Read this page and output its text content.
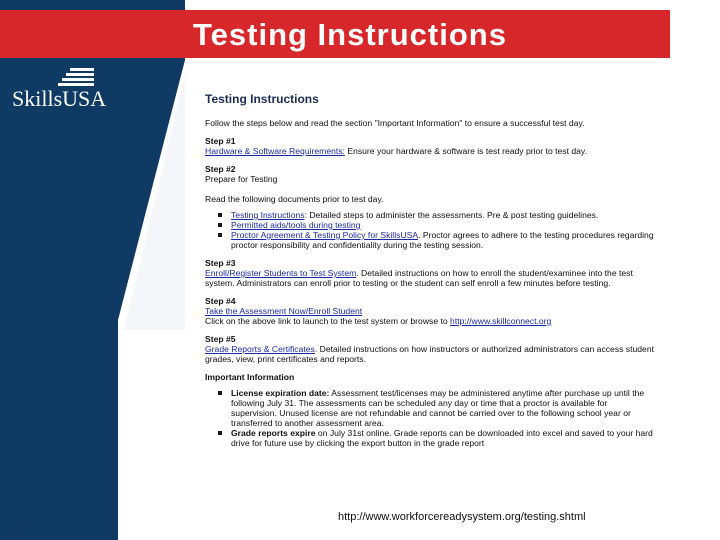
Testing Instructions
SkillsUSA	Testing Instructions

Follow the steps below and read the section "Important Information" to ensure a successful test day.

Step #1

Hardware & Software Requirements: Ensure your hardware & software is test ready prior to test day.

Step #2

Prepare for Testing

Read the following documents prior to test day.

Testing Instructions: Detailed steps to administer the assessments. Pre & post testing guidelines.
Permitted aids/tools during testing
Proctor Agreement & Testing Policy for SkillsUSA. Proctor agrees to adhere to the testing procedures regarding proctor responsibility and confidentiality during the testing session.
Step #3

Enroll/Register Students to Test System. Detailed instructions on how to enroll the student/examinee into the test system. Administrators can enroll prior to testing or the student can self enroll a few minutes before testing.

Step #4

Take the Assessment Now/Enroll Student

Click on the above link to launch to the test system or browse to http://www.skillconnect.org

Step #5

Grade Reports & Certificates. Detailed instructions on how instructors or authorized administrators can access student grades, view, print certificates and reports.

Important Information
License expiration date: Assessment test/licenses may be administered anytime after purchase up until the following July 31. The assessments can be scheduled any day or time that a proctor is available for supervision. Unused license are not refundable and cannot be carried over to the following school year or transferred to another assessment area.
Grade reports expire on July 31st online. Grade reports can be downloaded into excel and saved to your hard drive for future use by clicking the export button in the grade report
8
http://www.workforcereadysystem.org/testing.shtml
